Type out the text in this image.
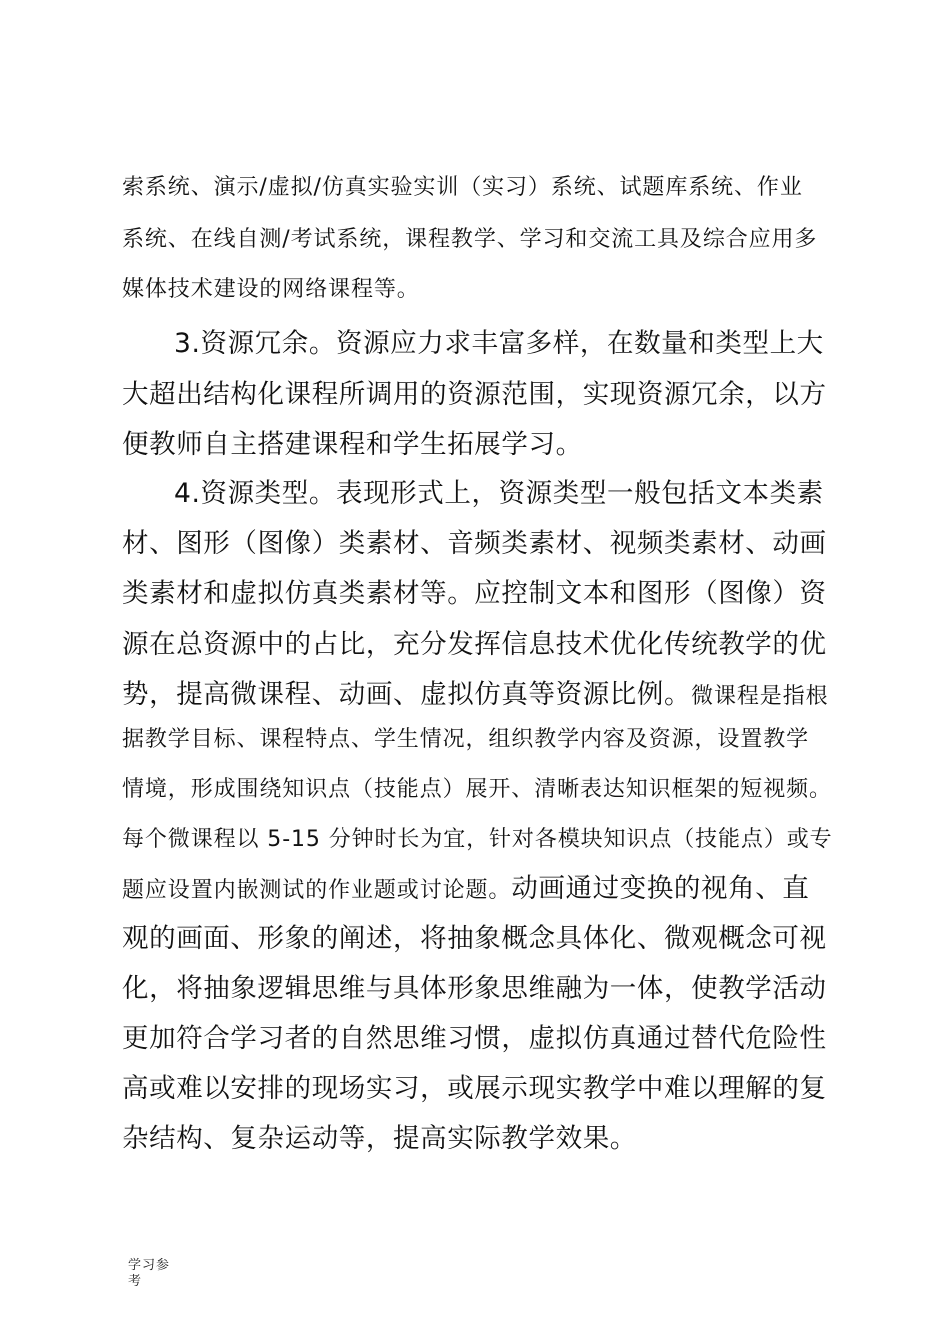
索系统、演示/虚拟/仿真实验实训（实习）系统、试题库系统、作业
系统、在线自测/考试系统，课程教学、学习和交流工具及综合应用多
媒体技术建设的网络课程等。
3.资源冗余。资源应力求丰富多样，在数量和类型上大
大超出结构化课程所调用的资源范围，实现资源冗余，以方
便教师自主搭建课程和学生拓展学习。
4.资源类型。表现形式上，资源类型一般包括文本类素
材、图形（图像）类素材、音频类素材、视频类素材、动画
类素材和虚拟仿真类素材等。应控制文本和图形（图像）资
源在总资源中的占比，充分发挥信息技术优化传统教学的优
势，提高微课程、动画、虚拟仿真等资源比例。微课程是指根
据教学目标、课程特点、学生情况，组织教学内容及资源，设置教学
情境，形成围绕知识点（技能点）展开、清晰表达知识框架的短视频。
每个微课程以 5-15 分钟时长为宜，针对各模块知识点（技能点）或专
题应设置内嵌测试的作业题或讨论题。动画通过变换的视角、直
观的画面、形象的阐述，将抽象概念具体化、微观概念可视
化，将抽象逻辑思维与具体形象思维融为一体，使教学活动
更加符合学习者的自然思维习惯，虚拟仿真通过替代危险性
高或难以安排的现场实习，或展示现实教学中难以理解的复
杂结构、复杂运动等，提高实际教学效果。
学习参考
